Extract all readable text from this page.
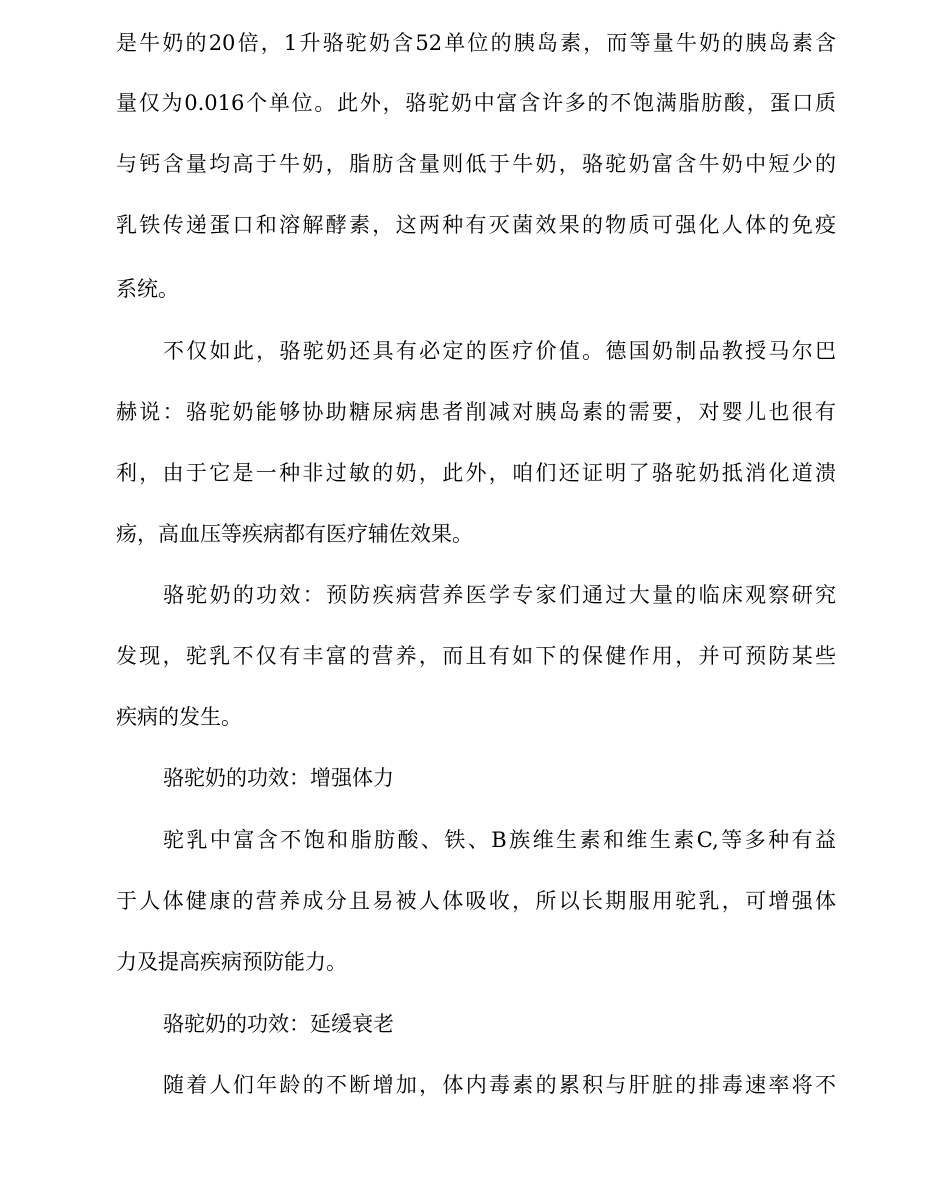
是牛奶的20倍，1升骆驼奶含52单位的胰岛素，而等量牛奶的胰岛素含
量仅为0.016个单位。此外，骆驼奶中富含许多的不饱满脂肪酸，蛋口质
与钙含量均高于牛奶，脂肪含量则低于牛奶，骆驼奶富含牛奶中短少的
乳铁传递蛋口和溶解酵素，这两种有灭菌效果的物质可强化人体的免疫
系统。
不仅如此，骆驼奶还具有必定的医疗价值。德国奶制品教授马尔巴
赫说：骆驼奶能够协助糖尿病患者削减对胰岛素的需要，对婴儿也很有
利，由于它是一种非过敏的奶，此外，咱们还证明了骆驼奶抵消化道溃
疡，高血压等疾病都有医疗辅佐效果。
骆驼奶的功效：预防疾病营养医学专家们通过大量的临床观察研究
发现，驼乳不仅有丰富的营养，而且有如下的保健作用，并可预防某些
疾病的发生。
骆驼奶的功效：增强体力
驼乳中富含不饱和脂肪酸、铁、B族维生素和维生素C,等多种有益
于人体健康的营养成分且易被人体吸收，所以长期服用驼乳，可增强体
力及提高疾病预防能力。
骆驼奶的功效：延缓衰老
随着人们年龄的不断增加，体内毒素的累积与肝脏的排毒速率将不
